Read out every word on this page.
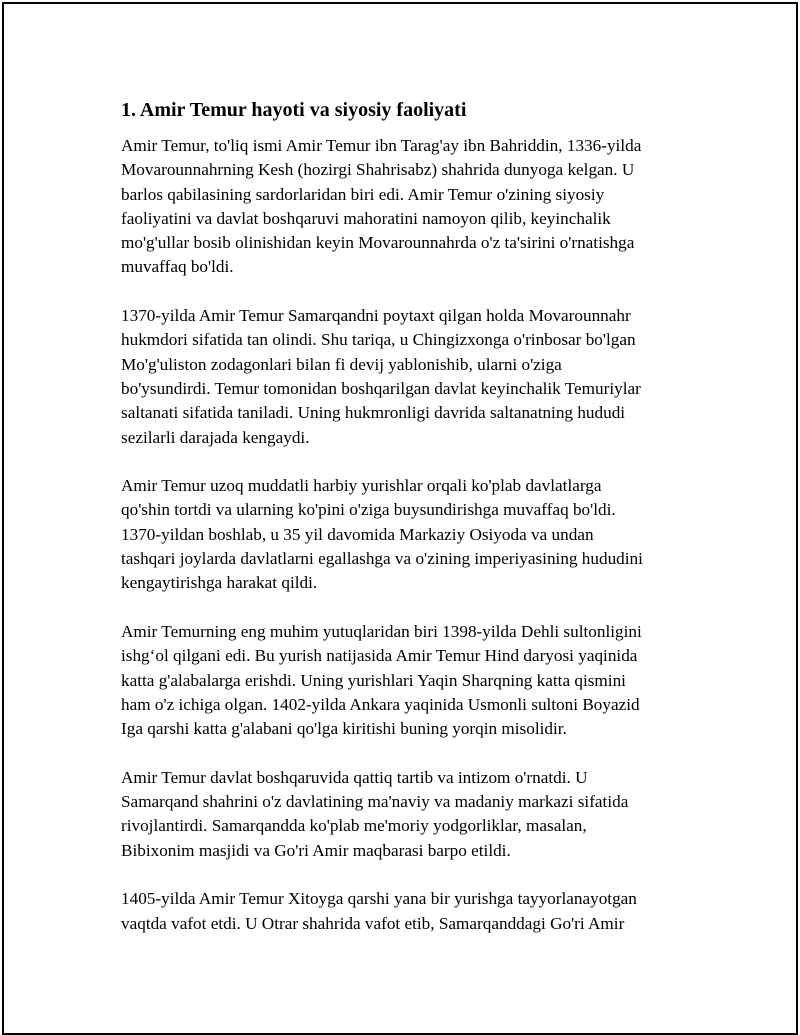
1. Amir Temur hayoti va siyosiy faoliyati

Amir Temur, to'liq ismi Amir Temur ibn Tarag'ay ibn Bahriddin, 1336-yilda
Movarounnahrning Kesh (hozirgi Shahrisabz) shahrida dunyoga kelgan. U
barlos qabilasining sardorlaridan biri edi. Amir Temur o'zining siyosiy
faoliyatini va davlat boshqaruvi mahoratini namoyon qilib, keyinchalik
mo'g'ullar bosib olinishidan keyin Movarounnahrda o'z ta'sirini o'rnatishga
muvaffaq bo'ldi.

1370-yilda Amir Temur Samarqandni poytaxt qilgan holda Movarounnahr
hukmdori sifatida tan olindi. Shu tariqa, u Chingizxonga o'rinbosar bo'lgan
Mo'g'uliston zodagonlari bilan fi devij yablonishib, ularni o'ziga
bo'ysundirdi. Temur tomonidan boshqarilgan davlat keyinchalik Temuriylar
saltanati sifatida taniladi. Uning hukmronligi davrida saltanatning hududi
sezilarli darajada kengaydi.

Amir Temur uzoq muddatli harbiy yurishlar orqali ko'plab davlatlarga
qo'shin tortdi va ularning ko'pini o'ziga buysundirishga muvaffaq bo'ldi.
1370-yildan boshlab, u 35 yil davomida Markaziy Osiyoda va undan
tashqari joylarda davlatlarni egallashga va o'zining imperiyasining hududini
kengaytirishga harakat qildi.

Amir Temurning eng muhim yutuqlaridan biri 1398-yilda Dehli sultonligini
ishg‘ol qilgani edi. Bu yurish natijasida Amir Temur Hind daryosi yaqinida
katta g'alabalarga erishdi. Uning yurishlari Yaqin Sharqning katta qismini
ham o'z ichiga olgan. 1402-yilda Ankara yaqinida Usmonli sultoni Boyazid
Iga qarshi katta g'alabani qo'lga kiritishi buning yorqin misolidir.

Amir Temur davlat boshqaruvida qattiq tartib va intizom o'rnatdi. U
Samarqand shahrini o'z davlatining ma'naviy va madaniy markazi sifatida
rivojlantirdi. Samarqandda ko'plab me'moriy yodgorliklar, masalan,
Bibixonim masjidi va Go'ri Amir maqbarasi barpo etildi.

1405-yilda Amir Temur Xitoyga qarshi yana bir yurishga tayyorlanayotgan
vaqtda vafot etdi. U Otrar shahrida vafot etib, Samarqanddagi Go'ri Amir
